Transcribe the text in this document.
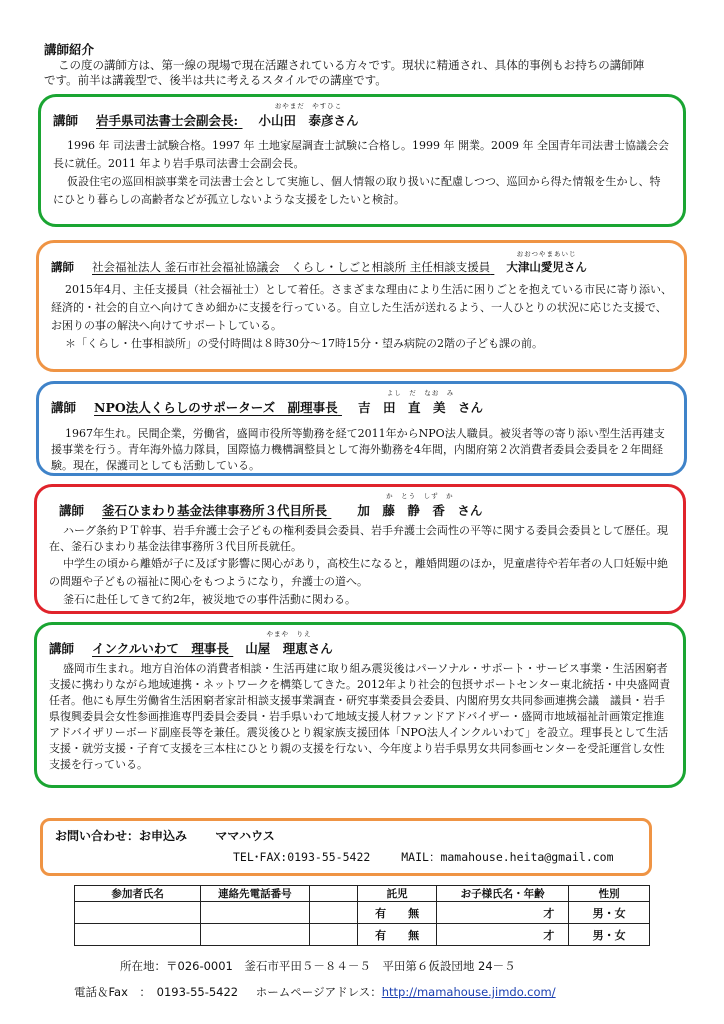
講師紹介
この度の講師方は、第一線の現場で現在活躍されている方々です。現状に精通され、具体的事例もお持ちの講師陣
です。前半は講義型で、後半は共に考えるスタイルでの講座です。
講師 岩手県司法書士会副会長:
おやまだ　やすひこ
小山田　泰彦さん
1996 年 司法書士試験合格。1997 年 土地家屋調査士試験に合格し。1999 年 開業。2009 年 全国青年司法書士協議会会長に就任。2011 年より岩手県司法書士会副会長。
仮設住宅の巡回相談事業を司法書士会として実施し、個人情報の取り扱いに配慮しつつ、巡回から得た情報を生かし、特にひとり暮らしの高齢者などが孤立しないような支援をしたいと検討。
講師 社会福祉法人 釜石市社会福祉協議会　くらし・しごと相談所 主任相談支援員
おおつやまあいじ
大津山愛児さん
2015年4月、主任支援員（社会福祉士）として着任。さまざまな理由により生活に困りごとを抱えている市民に寄り添い、経済的・社会的自立へ向けてきめ細かに支援を行っている。自立した生活が送れるよう、一人ひとりの状況に応じた支援で、お困りの事の解決へ向けてサポートしている。
＊「くらし・仕事相談所」の受付時間は８時30分～17時15分・望み病院の2階の子ども課の前。
講師 NPO法人くらしのサポーターズ　副理事長
よし　だ　なお　み
吉　田　直　美　さん
1967年生れ。民間企業，労働省，盛岡市役所等勤務を経て2011年からNPO法人職員。被災者等の寄り添い型生活再建支援事業を行う。青年海外協力隊員，国際協力機構調整員として海外勤務を4年間，内閣府第２次消費者委員会委員を２年間経験。現在，保護司としても活動している。
講師 釜石ひまわり基金法律事務所３代目所長
か　とう　しず　か
加　藤　静　香　さん
ハーグ条約ＰＴ幹事、岩手弁護士会子どもの権利委員会委員、岩手弁護士会両性の平等に関する委員会委員として歴任。現在、釜石ひまわり基金法律事務所３代目所長就任。
中学生の頃から離婚が子に及ぼす影響に関心があり，高校生になると，離婚問題のほか，児童虐待や若年者の人口妊娠中絶の問題や子どもの福祉に関心をもつようになり，弁護士の道へ。
釜石に赴任してきて約2年，被災地での事件活動に関わる。
講師 インクルいわて　理事長
やまや　りえ
山屋　理恵さん
盛岡市生まれ。地方自治体の消費者相談・生活再建に取り組み震災後はパーソナル・サポート・サービス事業・生活困窮者支援に携わりながら地域連携・ネットワークを構築してきた。2012年より社会的包摂サポートセンター東北統括・中央盛岡責任者。他にも厚生労働省生活困窮者家計相談支援事業調査・研究事業委員会委員、内閣府男女共同参画連携会議　議員・岩手県復興委員会女性参画推進専門委員会委員・岩手県いわて地域支援人材ファンドアドバイザー・盛岡市地域福祉計画策定推進アドバイザリーボード副座長等を兼任。震災後ひとり親家族支援団体「NPO法人インクルいわて」を設立。理事長として生活支援・就労支援・子育て支援を三本柱にひとり親の支援を行ない、今年度より岩手県男女共同参画センターを受託運営し女性支援を行っている。
お問い合わせ：お申込み ママハウス
TEL･FAX:0193-55-5422	MAIL：mamahouse.heita@gmail.com
参加者氏名	連絡先電話番号		託児	お子様氏名・年齢	性別
			有　　無	才	男・女
			有　　無	才	男・女
所在地：〒026-0001　釜石市平田５－８４－５　平田第６仮設団地 24－５
電話＆Fax　：　0193-55-5422 ホームページアドレス：http://mamahouse.jimdo.com/
